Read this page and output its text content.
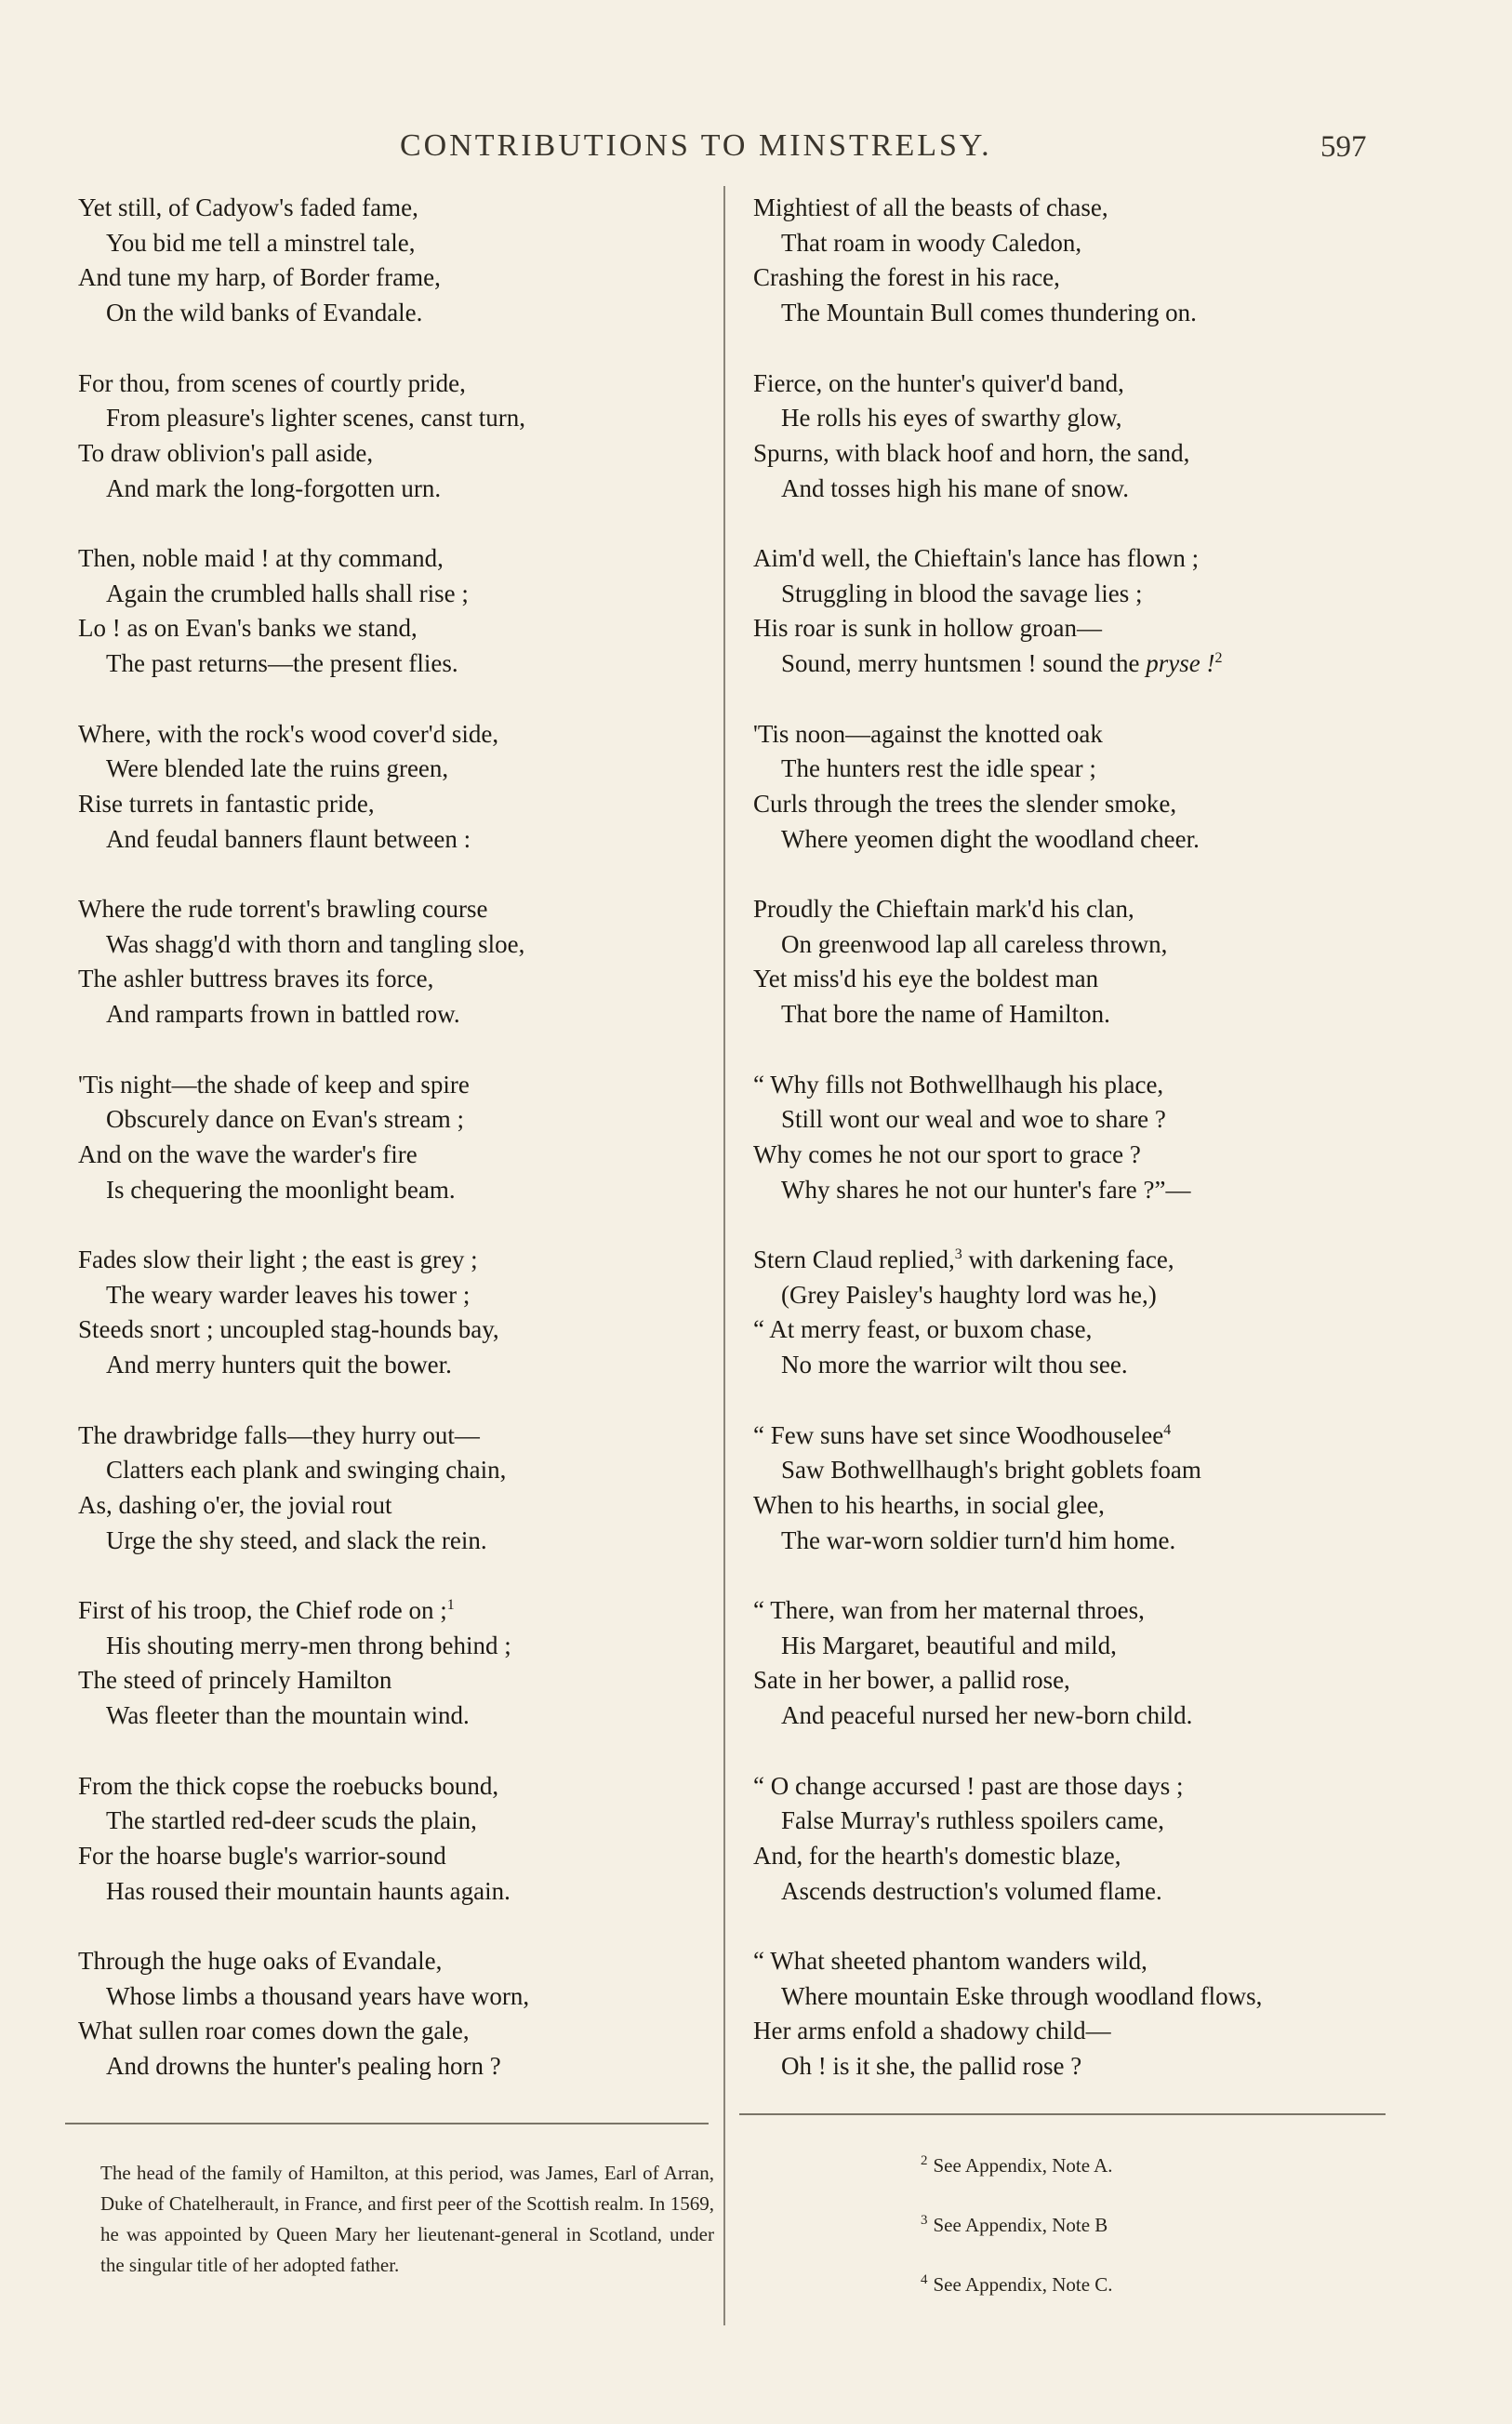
CONTRIBUTIONS TO MINSTRELSY.	597
Yet still, of Cadyow's faded fame,
You bid me tell a minstrel tale,
And tune my harp, of Border frame,
On the wild banks of Evandale.
For thou, from scenes of courtly pride,
From pleasure's lighter scenes, canst turn,
To draw oblivion's pall aside,
And mark the long-forgotten urn.
Then, noble maid ! at thy command,
Again the crumbled halls shall rise ;
Lo ! as on Evan's banks we stand,
The past returns—the present flies.
Where, with the rock's wood cover'd side,
Were blended late the ruins green,
Rise turrets in fantastic pride,
And feudal banners flaunt between :
Where the rude torrent's brawling course
Was shagg'd with thorn and tangling sloe,
The ashler buttress braves its force,
And ramparts frown in battled row.
'Tis night—the shade of keep and spire
Obscurely dance on Evan's stream ;
And on the wave the warder's fire
Is chequering the moonlight beam.
Fades slow their light ; the east is grey ;
The weary warder leaves his tower ;
Steeds snort ; uncoupled stag-hounds bay,
And merry hunters quit the bower.
The drawbridge falls—they hurry out—
Clatters each plank and swinging chain,
As, dashing o'er, the jovial rout
Urge the shy steed, and slack the rein.
First of his troop, the Chief rode on ;$^1$
His shouting merry-men throng behind ;
The steed of princely Hamilton
Was fleeter than the mountain wind.
From the thick copse the roebucks bound,
The startled red-deer scuds the plain,
For the hoarse bugle's warrior-sound
Has roused their mountain haunts again.
Through the huge oaks of Evandale,
Whose limbs a thousand years have worn,
What sullen roar comes down the gale,
And drowns the hunter's pealing horn ?
Mightiest of all the beasts of chase,
That roam in woody Caledon,
Crashing the forest in his race,
The Mountain Bull comes thundering on.
Fierce, on the hunter's quiver'd band,
He rolls his eyes of swarthy glow,
Spurns, with black hoof and horn, the sand,
And tosses high his mane of snow.
Aim'd well, the Chieftain's lance has flown ;
Struggling in blood the savage lies ;
His roar is sunk in hollow groan—
Sound, merry huntsmen ! sound the pryse !$^2$
'Tis noon—against the knotted oak
The hunters rest the idle spear ;
Curls through the trees the slender smoke,
Where yeomen dight the woodland cheer.
Proudly the Chieftain mark'd his clan,
On greenwood lap all careless thrown,
Yet miss'd his eye the boldest man
That bore the name of Hamilton.
“ Why fills not Bothwellhaugh his place,
Still wont our weal and woe to share ?
Why comes he not our sport to grace ?
Why shares he not our hunter's fare ?”—
Stern Claud replied,$^3$ with darkening face,
(Grey Paisley's haughty lord was he,)
“ At merry feast, or buxom chase,
No more the warrior wilt thou see.
“ Few suns have set since Woodhouselee$^4$
Saw Bothwellhaugh's bright goblets foam
When to his hearths, in social glee,
The war-worn soldier turn'd him home.
“ There, wan from her maternal throes,
His Margaret, beautiful and mild,
Sate in her bower, a pallid rose,
And peaceful nursed her new-born child.
“ O change accursed ! past are those days ;
False Murray's ruthless spoilers came,
And, for the hearth's domestic blaze,
Ascends destruction's volumed flame.
“ What sheeted phantom wanders wild,
Where mountain Eske through woodland flows,
Her arms enfold a shadowy child—
Oh ! is it she, the pallid rose ?
The head of the family of Hamilton, at this period, was James, Earl of Arran, Duke of Chatelherault, in France, and first peer of the Scottish realm. In 1569, he was appointed by Queen Mary her lieutenant-general in Scotland, under the singular title of her adopted father.
$^2$ See Appendix, Note A.
$^3$ See Appendix, Note B
$^4$ See Appendix, Note C.
